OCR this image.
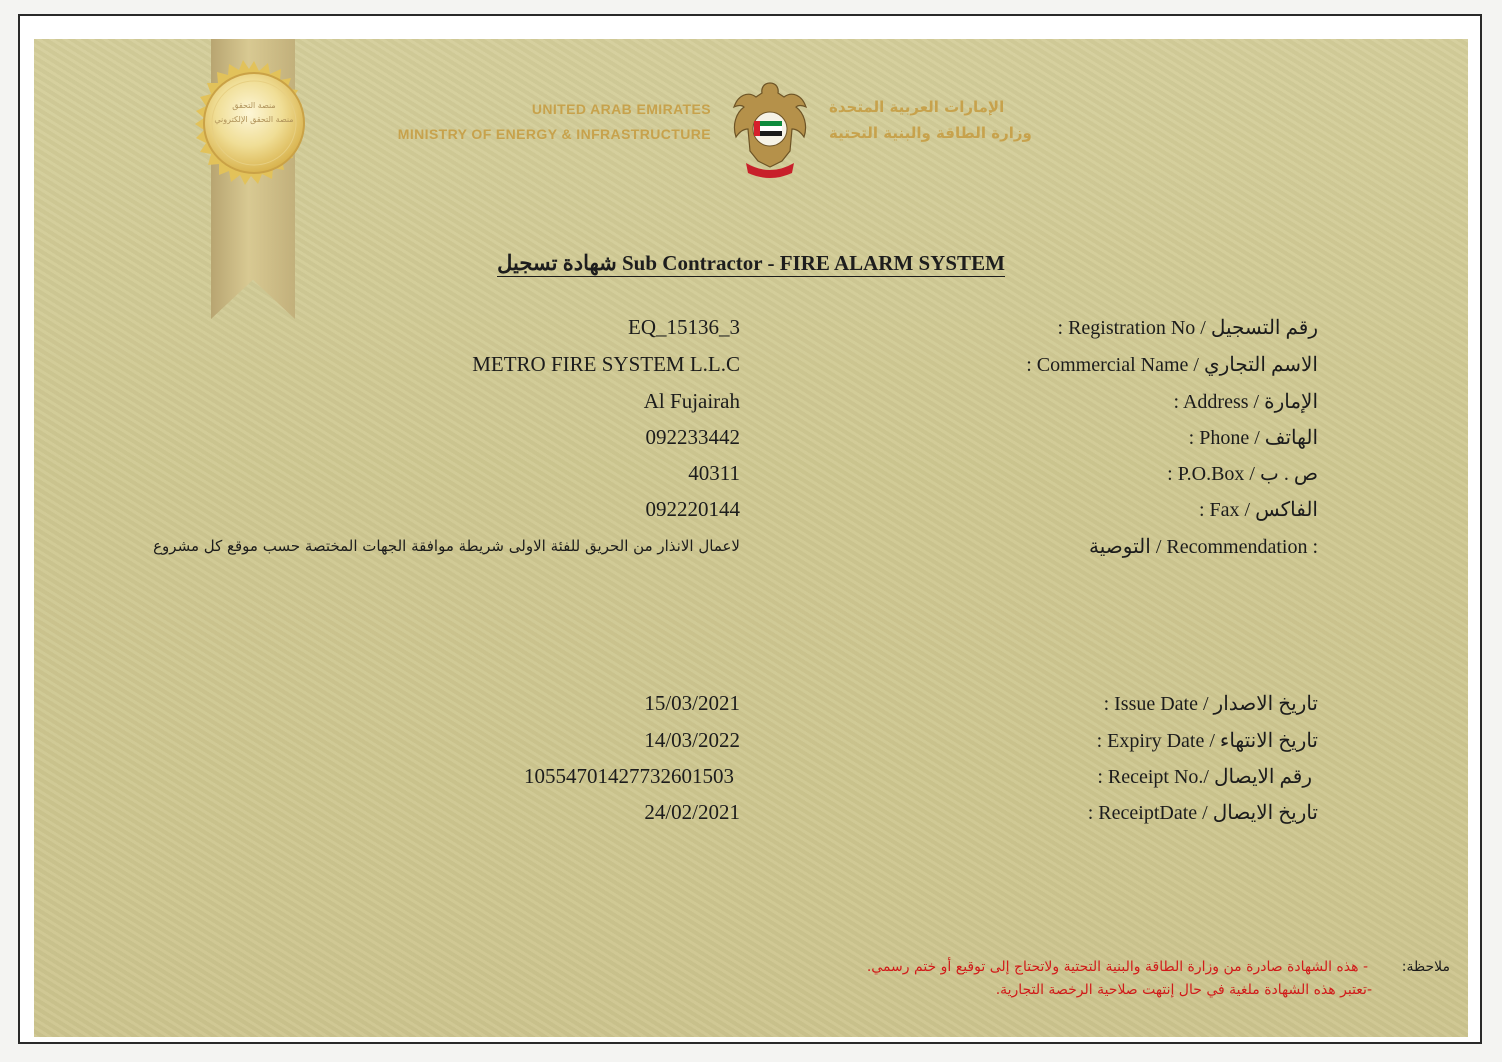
منصة التحقق
منصة التحقق الإلكتروني
UNITED ARAB EMIRATES
MINISTRY OF ENERGY & INFRASTRUCTURE
الإمارات العربية المتحدة
وزارة الطاقة والبنية التحتية
شهادة تسجيل Sub Contractor - FIRE ALARM SYSTEM
EQ_15136_3	: Registration No / رقم التسجيل
METRO FIRE SYSTEM L.L.C	: Commercial Name / الاسم التجاري
Al Fujairah	: Address / الإمارة
092233442	: Phone / الهاتف
40311	: P.O.Box / ص . ب
092220144	: Fax / الفاكس
لاعمال الانذار من الحريق للفئة الاولى شريطة موافقة الجهات المختصة حسب موقع كل مشروع	التوصية / Recommendation :
15/03/2021	: Issue Date / تاريخ الاصدار
14/03/2022	: Expiry Date / تاريخ الانتهاء
10554701427732601503	: Receipt No./ رقم الايصال
24/02/2021	: ReceiptDate / تاريخ الايصال
ملاحظة:
- هذه الشهادة صادرة من وزارة الطاقة والبنية التحتية ولاتحتاج إلى توقيع أو ختم رسمي.
-تعتبر هذه الشهادة ملغية في حال إنتهت صلاحية الرخصة التجارية.
